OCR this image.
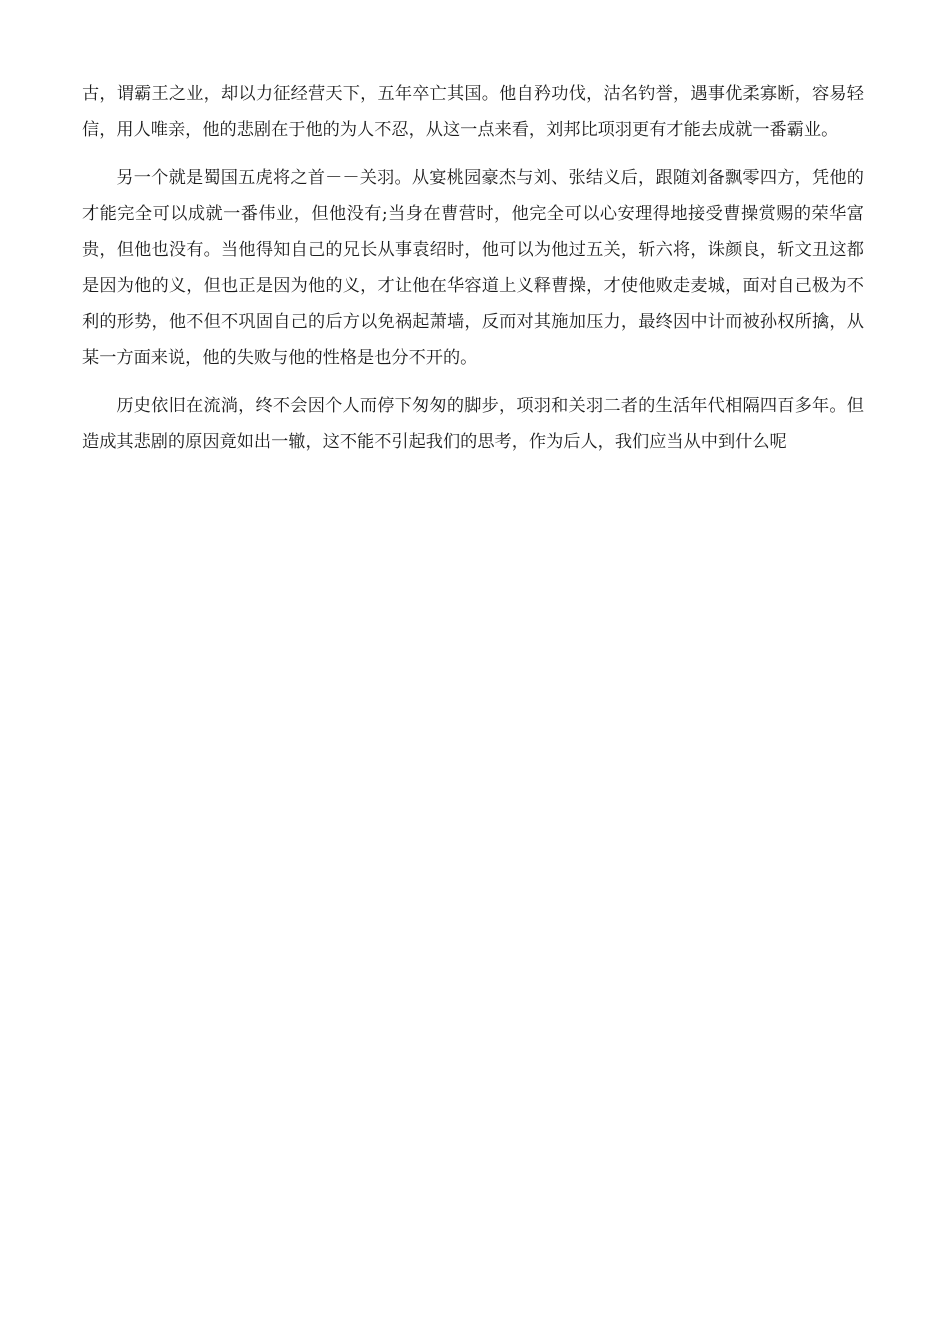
古，谓霸王之业，却以力征经营天下，五年卒亡其国。他自矜功伐，沽名钓誉，遇事优柔寡断，容易轻信，用人唯亲，他的悲剧在于他的为人不忍，从这一点来看，刘邦比项羽更有才能去成就一番霸业。

另一个就是蜀国五虎将之首－－关羽。从宴桃园豪杰与刘、张结义后，跟随刘备飘零四方，凭他的才能完全可以成就一番伟业，但他没有;当身在曹营时，他完全可以心安理得地接受曹操赏赐的荣华富贵，但他也没有。当他得知自己的兄长从事袁绍时，他可以为他过五关，斩六将，诛颜良，斩文丑这都是因为他的义，但也正是因为他的义，才让他在华容道上义释曹操，才使他败走麦城，面对自己极为不利的形势，他不但不巩固自己的后方以免祸起萧墙，反而对其施加压力，最终因中计而被孙权所擒，从某一方面来说，他的失败与他的性格是也分不开的。

历史依旧在流淌，终不会因个人而停下匆匆的脚步，项羽和关羽二者的生活年代相隔四百多年。但造成其悲剧的原因竟如出一辙，这不能不引起我们的思考，作为后人，我们应当从中到什么呢
